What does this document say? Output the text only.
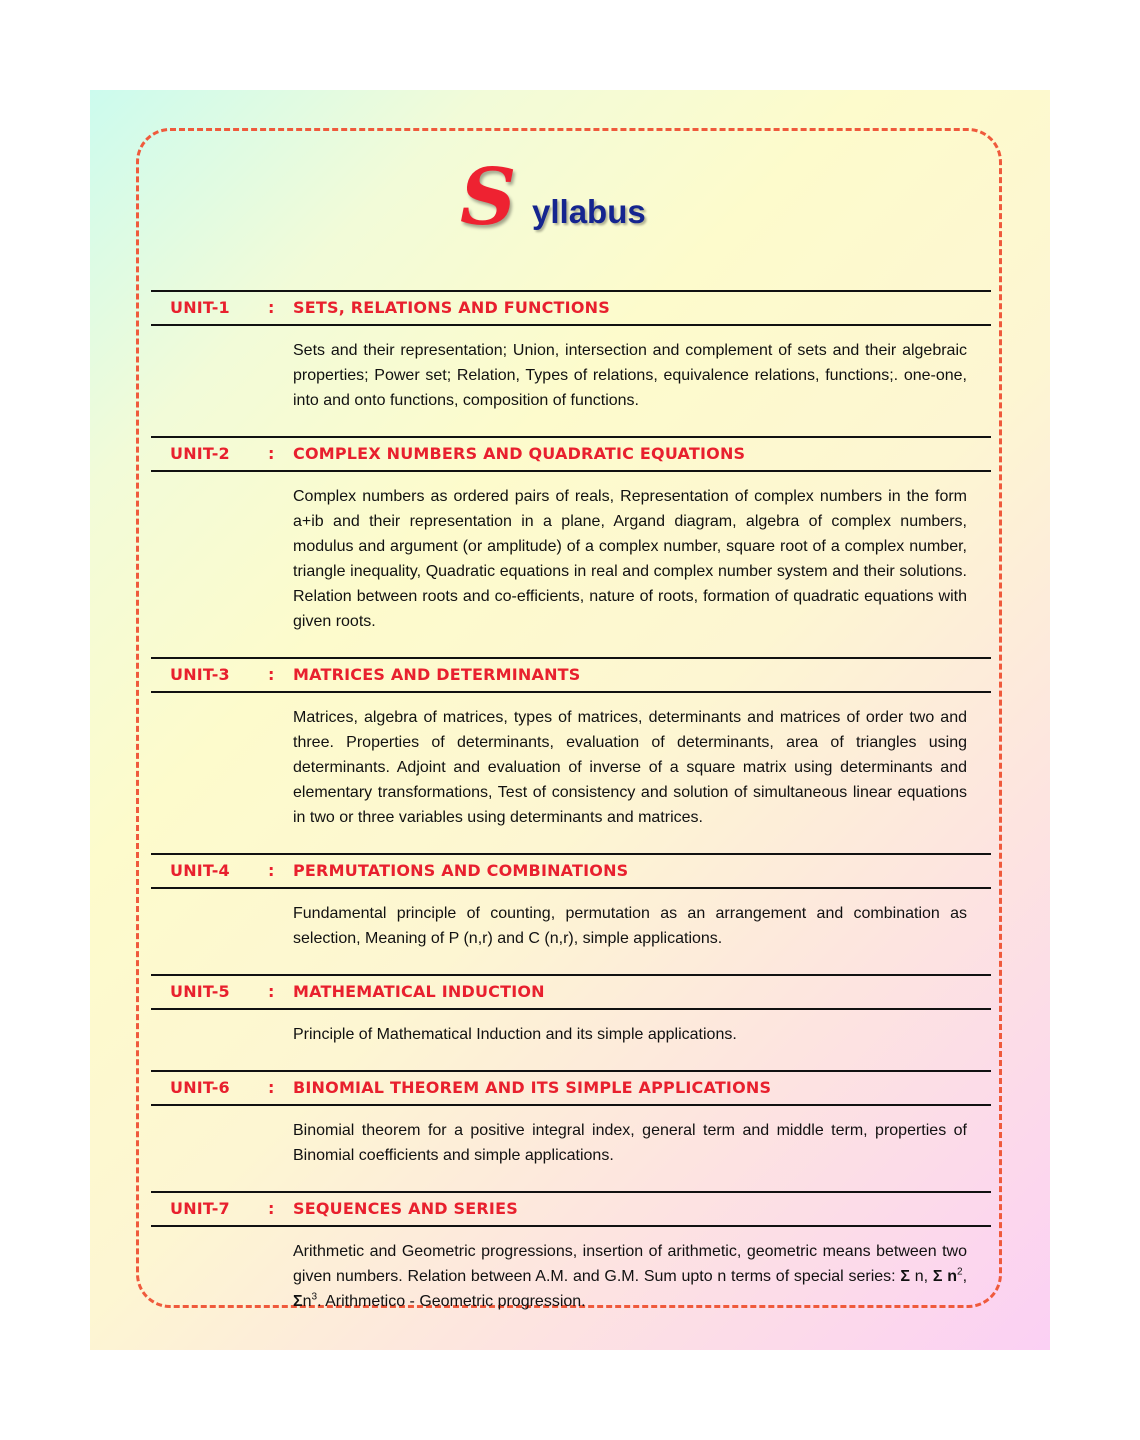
S yllabus
UNIT-1 : SETS, RELATIONS AND FUNCTIONS
Sets and their representation; Union, intersection and complement of sets and their algebraic properties; Power set; Relation, Types of relations, equivalence relations, functions;. one-one, into and onto functions, composition of functions.
UNIT-2 : COMPLEX NUMBERS AND QUADRATIC EQUATIONS
Complex numbers as ordered pairs of reals, Representation of complex numbers in the form a+ib and their representation in a plane, Argand diagram, algebra of complex numbers, modulus and argument (or amplitude) of a complex number, square root of a complex number, triangle inequality, Quadratic equations in real and complex number system and their solutions. Relation between roots and co-efficients, nature of roots, formation of quadratic equations with given roots.
UNIT-3 : MATRICES AND DETERMINANTS
Matrices, algebra of matrices, types of matrices, determinants and matrices of order two and three. Properties of determinants, evaluation of determinants, area of triangles using determinants. Adjoint and evaluation of inverse of a square matrix using determinants and elementary transformations, Test of consistency and solution of simultaneous linear equations in two or three variables using determinants and matrices.
UNIT-4 : PERMUTATIONS AND COMBINATIONS
Fundamental principle of counting, permutation as an arrangement and combination as selection, Meaning of P (n,r) and C (n,r), simple applications.
UNIT-5 : MATHEMATICAL INDUCTION
Principle of Mathematical Induction and its simple applications.
UNIT-6 : BINOMIAL THEOREM AND ITS SIMPLE APPLICATIONS
Binomial theorem for a positive integral index, general term and middle term, properties of Binomial coefficients and simple applications.
UNIT-7 : SEQUENCES AND SERIES
Arithmetic and Geometric progressions, insertion of arithmetic, geometric means between two given numbers. Relation between A.M. and G.M. Sum upto n terms of special series: Σ n, Σ $n^2$, $\Sigma n^3$. Arithmetico - Geometric progression.
